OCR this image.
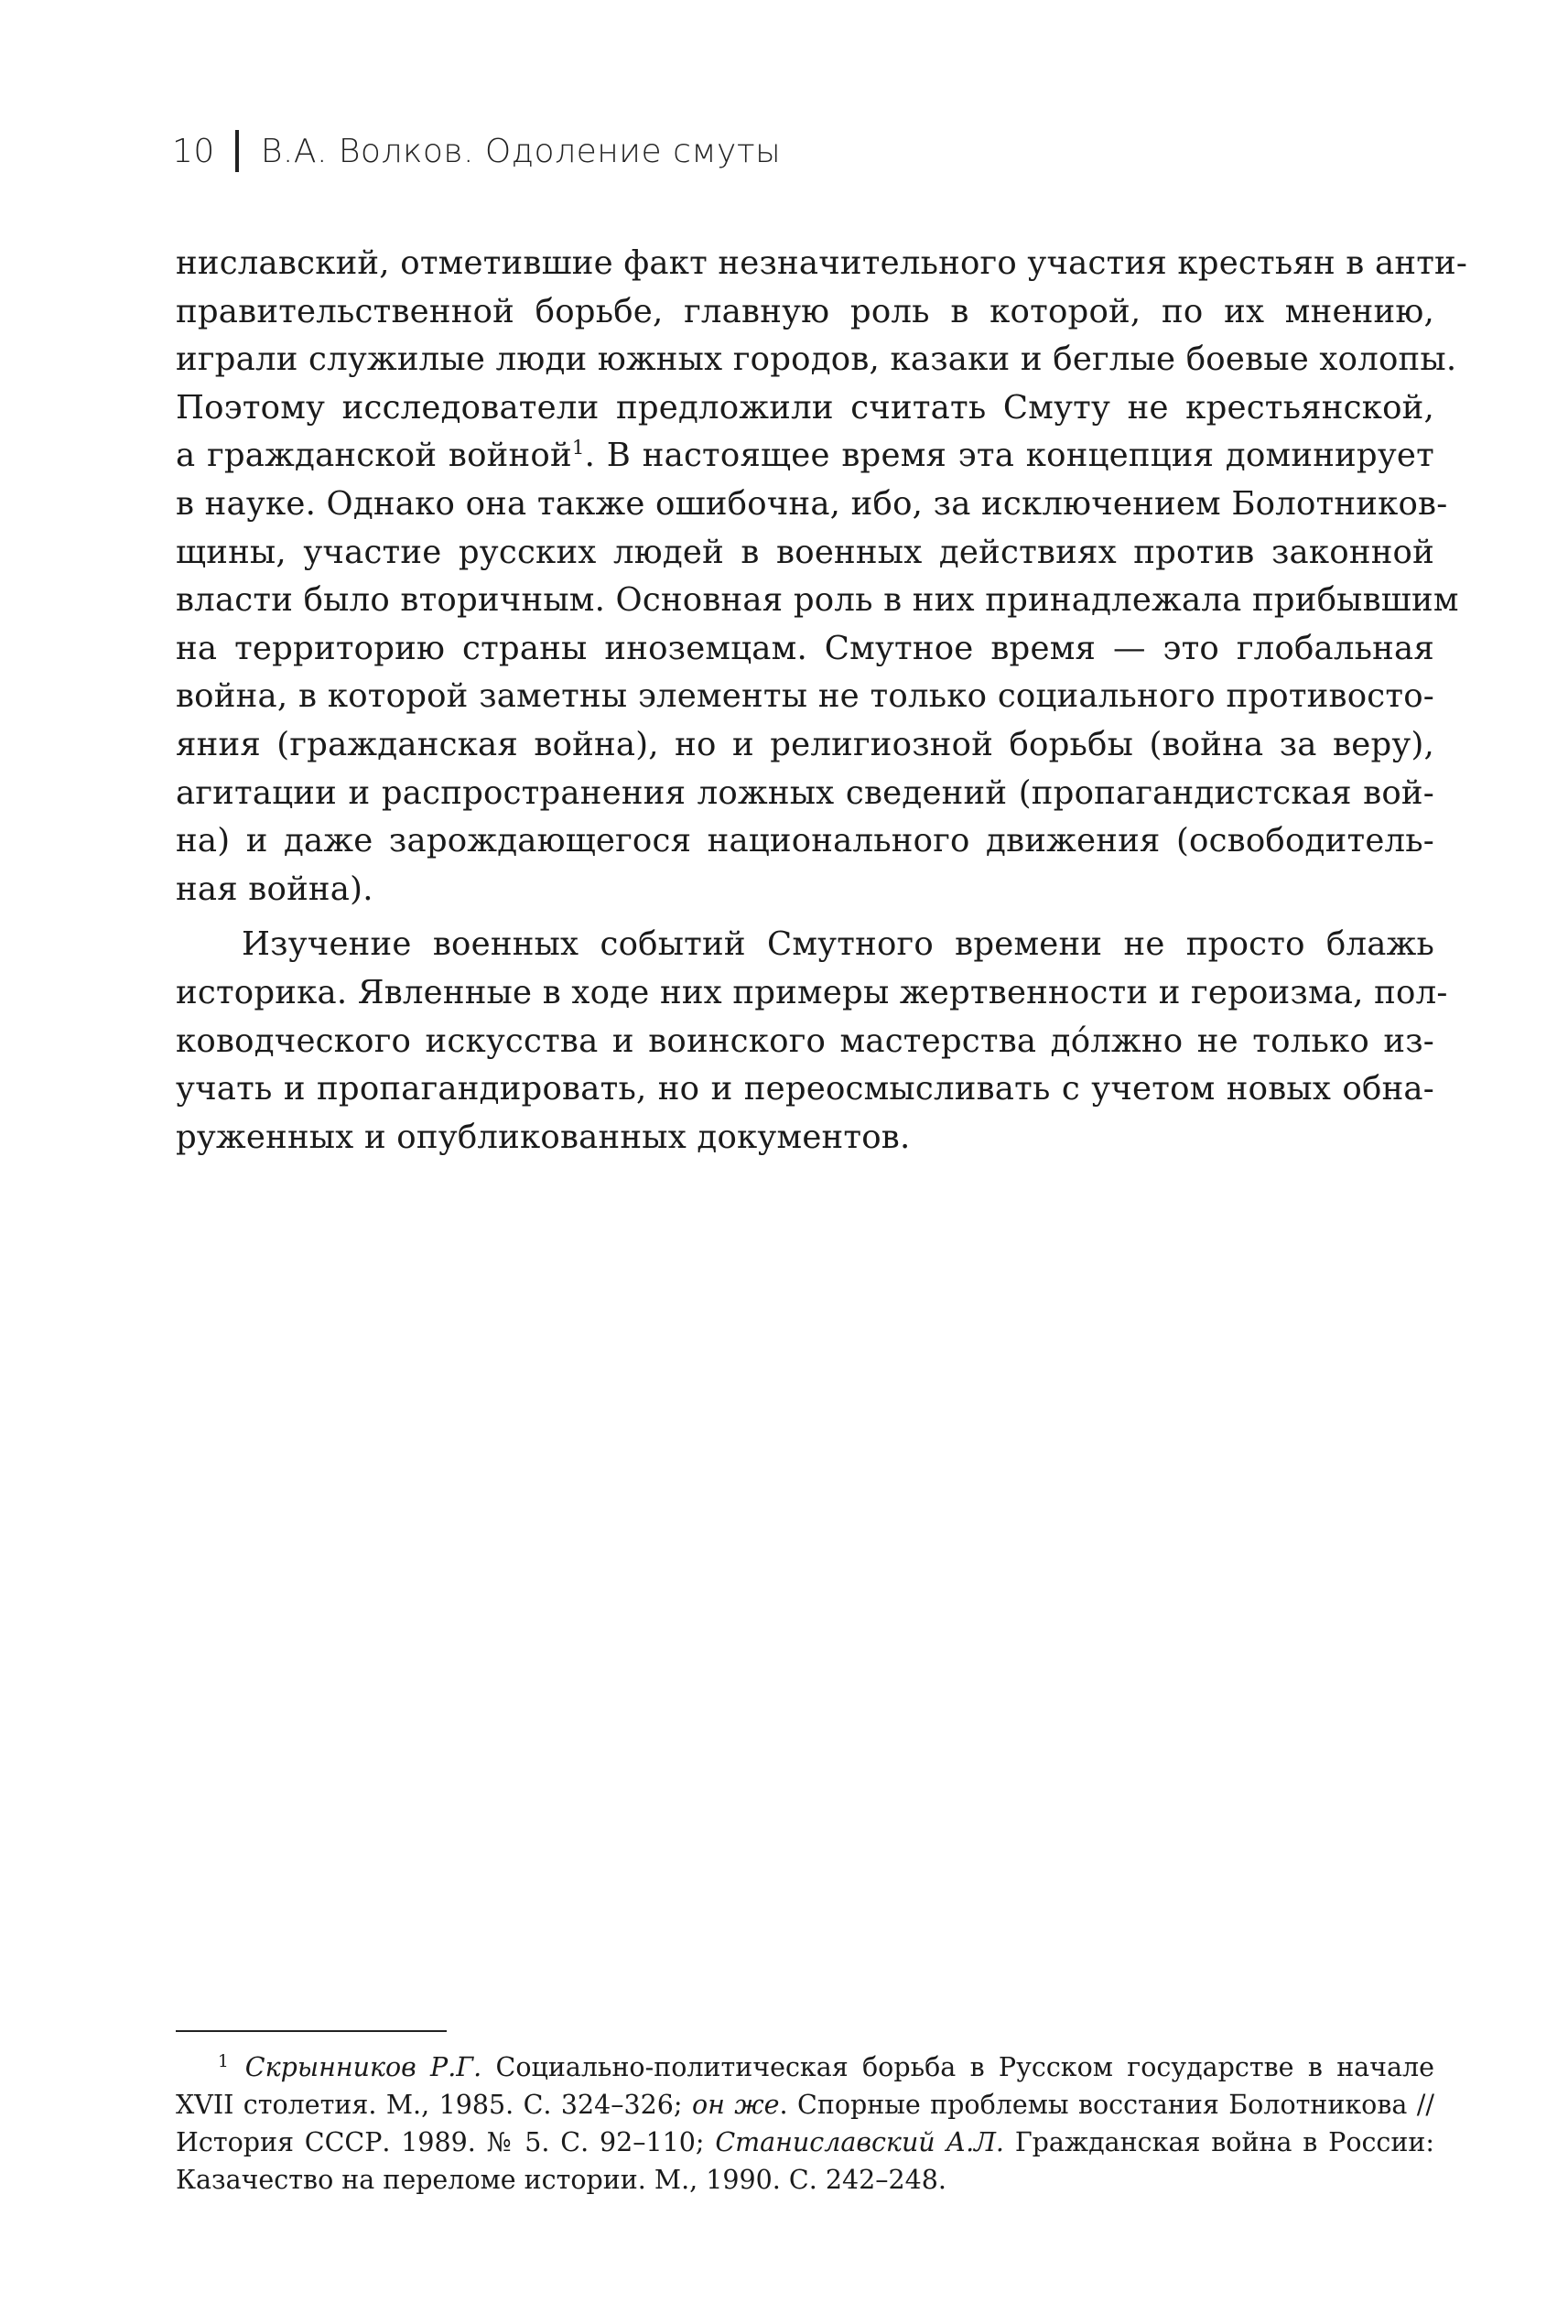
10 В.А. Волков. Одоление смуты
ниславский, отметившие факт незначительного участия крестьян в анти-
правительственной борьбе, главную роль в которой, по их мнению,
играли служилые люди южных городов, казаки и беглые боевые холопы.
Поэтому исследователи предложили считать Смуту не крестьянской,
а гражданской войной$^1$. В настоящее время эта концепция доминирует
в науке. Однако она также ошибочна, ибо, за исключением Болотников-
щины, участие русских людей в военных действиях против законной
власти было вторичным. Основная роль в них принадлежала прибывшим
на территорию страны иноземцам. Смутное время — это глобальная
война, в которой заметны элементы не только социального противосто-
яния (гражданская война), но и религиозной борьбы (война за веру),
агитации и распространения ложных сведений (пропагандистская вой-
на) и даже зарождающегося национального движения (освободитель-
ная война).
Изучение военных событий Смутного времени не просто блажь
историка. Явленные в ходе них примеры жертвенности и героизма, пол-
ководческого искусства и воинского мастерства до́лжно не только из-
учать и пропагандировать, но и переосмысливать с учетом новых обна-
руженных и опубликованных документов.
$^1$ Скрынников Р.Г. Социально-политическая борьба в Русском государстве в начале
XVII столетия. М., 1985. С. 324–326; он же. Спорные проблемы восстания Болотникова //
История СССР. 1989. № 5. С. 92–110; Станиславский А.Л. Гражданская война в России:
Казачество на переломе истории. М., 1990. С. 242–248.
